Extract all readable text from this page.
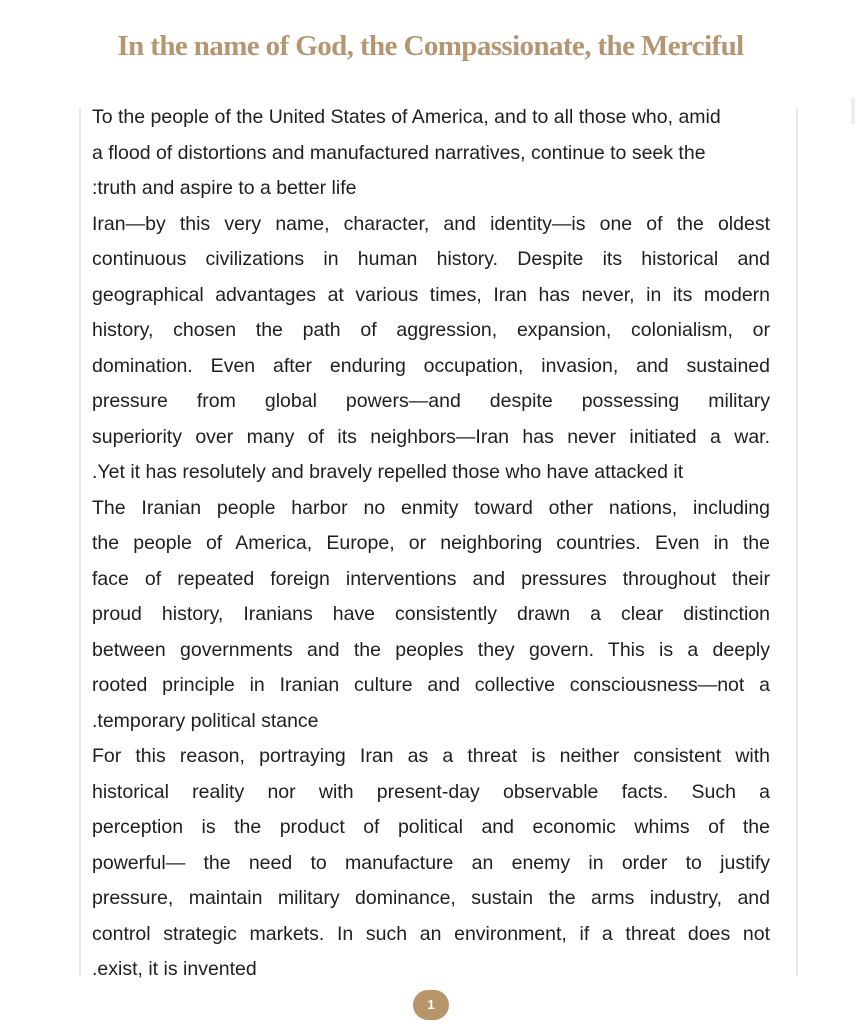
In the name of God, the Compassionate, the Merciful
To the people of the United States of America, and to all those who, amid
a flood of distortions and manufactured narratives, continue to seek the
:truth and aspire to a better life
Iran—by this very name, character, and identity—is one of the oldest
continuous civilizations in human history. Despite its historical and
geographical advantages at various times, Iran has never, in its modern
history, chosen the path of aggression, expansion, colonialism, or
domination. Even after enduring occupation, invasion, and sustained
pressure from global powers—and despite possessing military
superiority over many of its neighbors—Iran has never initiated a war.
.Yet it has resolutely and bravely repelled those who have attacked it
The Iranian people harbor no enmity toward other nations, including
the people of America, Europe, or neighboring countries. Even in the
face of repeated foreign interventions and pressures throughout their
proud history, Iranians have consistently drawn a clear distinction
between governments and the peoples they govern. This is a deeply
rooted principle in Iranian culture and collective consciousness—not a
.temporary political stance
For this reason, portraying Iran as a threat is neither consistent with
historical reality nor with present-day observable facts. Such a
perception is the product of political and economic whims of the
powerful— the need to manufacture an enemy in order to justify
pressure, maintain military dominance, sustain the arms industry, and
control strategic markets. In such an environment, if a threat does not
.exist, it is invented
1
